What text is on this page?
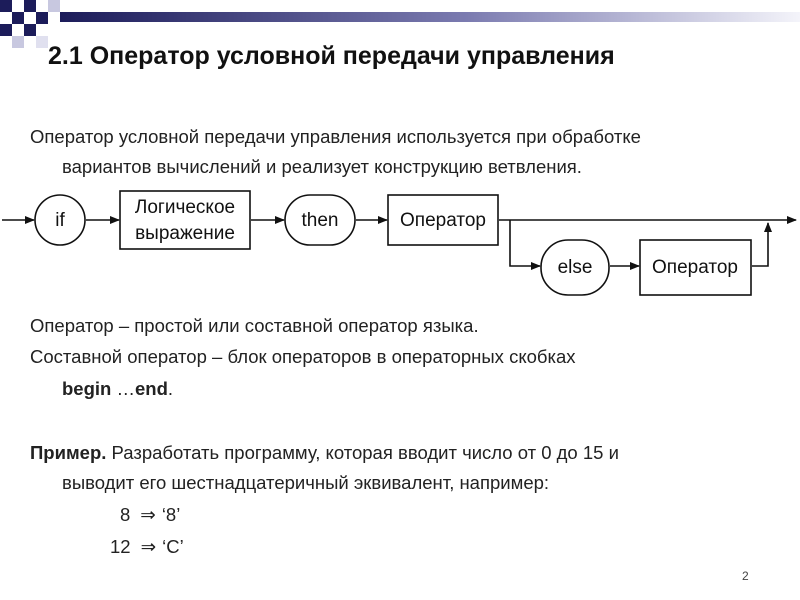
2.1 Оператор условной передачи управления
Оператор условной передачи управления используется при обработке
вариантов вычислений и реализует конструкцию ветвления.
if
Логическое
выражение
then	Оператор
else	Оператор
Оператор – простой или составной оператор языка.
Составной оператор – блок операторов в операторных скобках
begin …end.
Пример. Разработать программу, которая вводит число от 0 до 15 и
выводит его шестнадцатеричный эквивалент, например:
8 ⇒ ‘8’
12 ⇒ ‘C’
2
